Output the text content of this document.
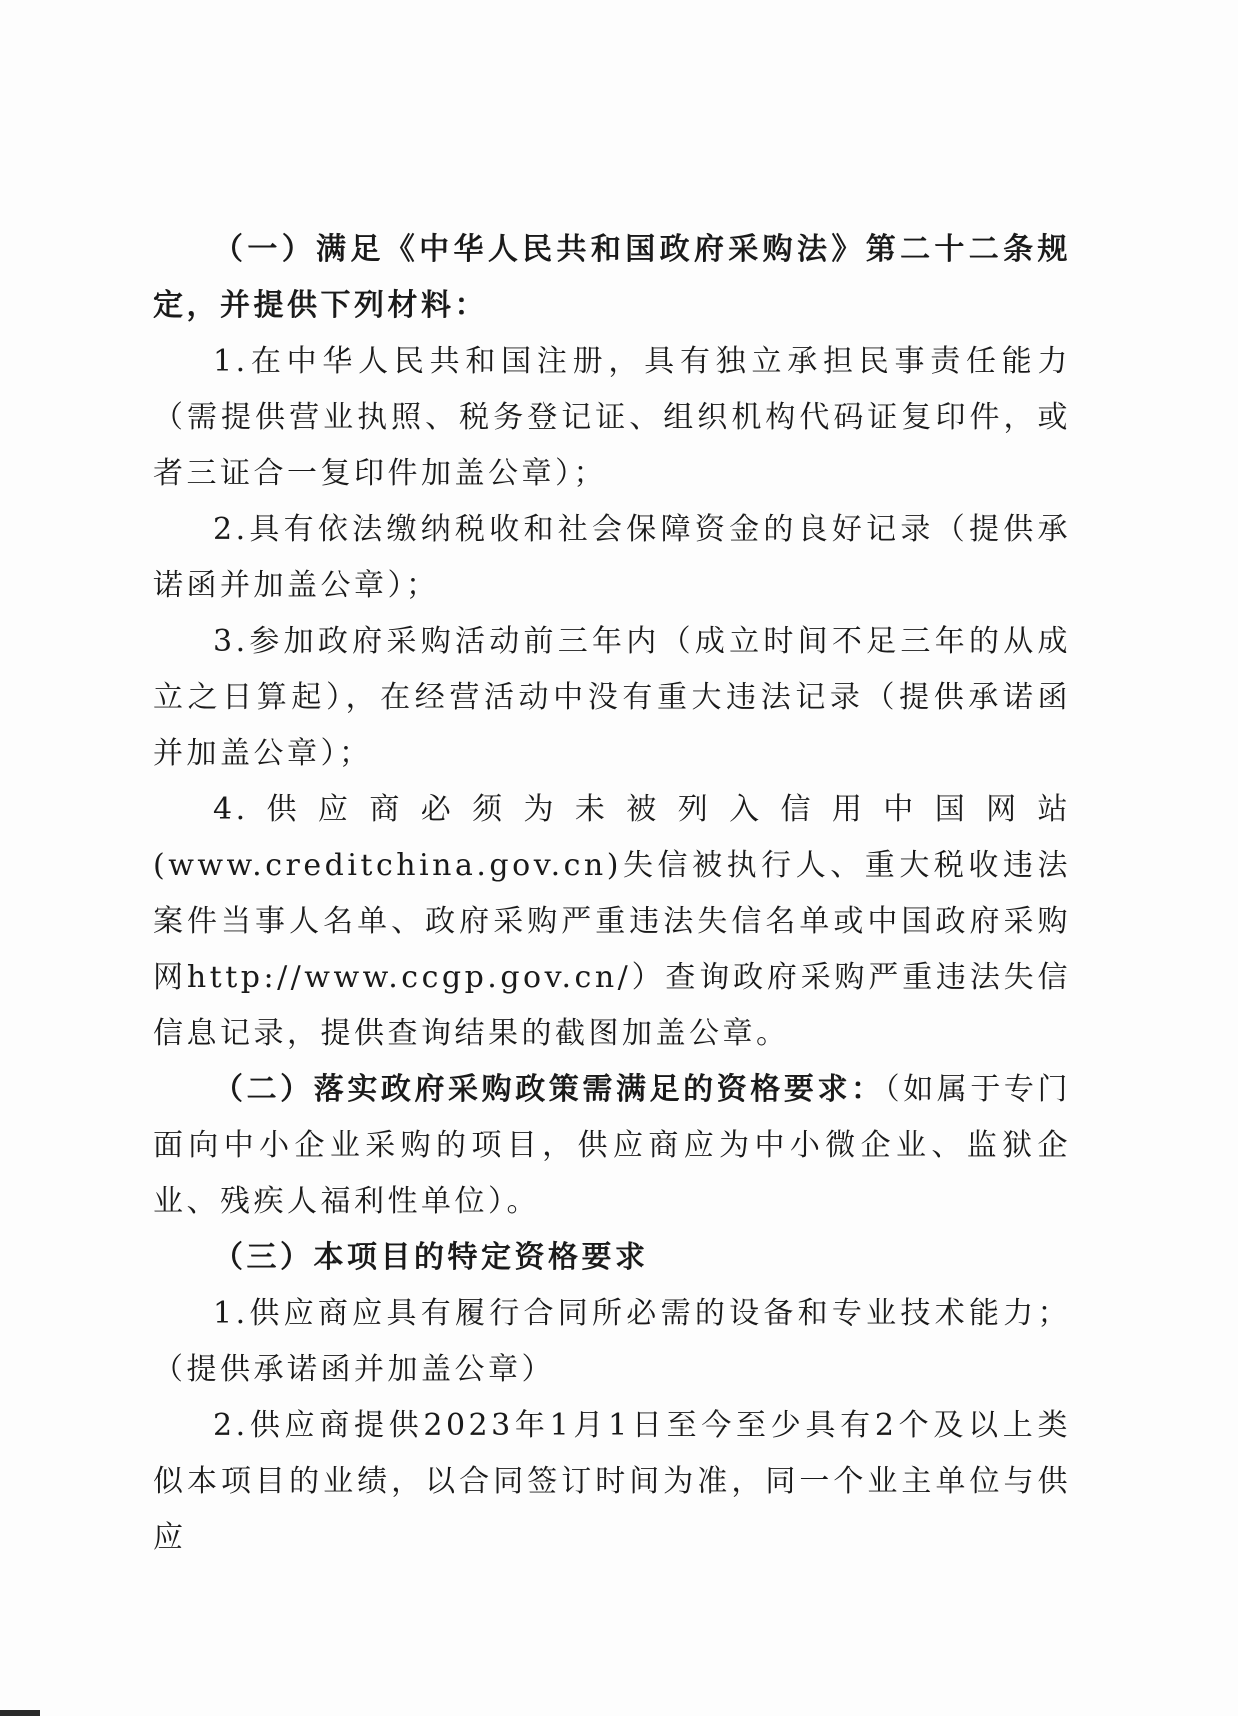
（一）满足《中华人民共和国政府采购法》第二十二条规定，并提供下列材料：

1.在中华人民共和国注册，具有独立承担民事责任能力（需提供营业执照、税务登记证、组织机构代码证复印件，或者三证合一复印件加盖公章）；

2.具有依法缴纳税收和社会保障资金的良好记录（提供承诺函并加盖公章）；

3.参加政府采购活动前三年内（成立时间不足三年的从成立之日算起），在经营活动中没有重大违法记录（提供承诺函并加盖公章）；

4.供应商必须为未被列入信用中国网站(www.creditchina.gov.cn)失信被执行人、重大税收违法案件当事人名单、政府采购严重违法失信名单或中国政府采购网http://www.ccgp.gov.cn/）查询政府采购严重违法失信信息记录，提供查询结果的截图加盖公章。

（二）落实政府采购政策需满足的资格要求：（如属于专门面向中小企业采购的项目，供应商应为中小微企业、监狱企业、残疾人福利性单位）。

（三）本项目的特定资格要求

1.供应商应具有履行合同所必需的设备和专业技术能力；（提供承诺函并加盖公章）

2.供应商提供2023年1月1日至今至少具有2个及以上类似本项目的业绩，以合同签订时间为准，同一个业主单位与供应
